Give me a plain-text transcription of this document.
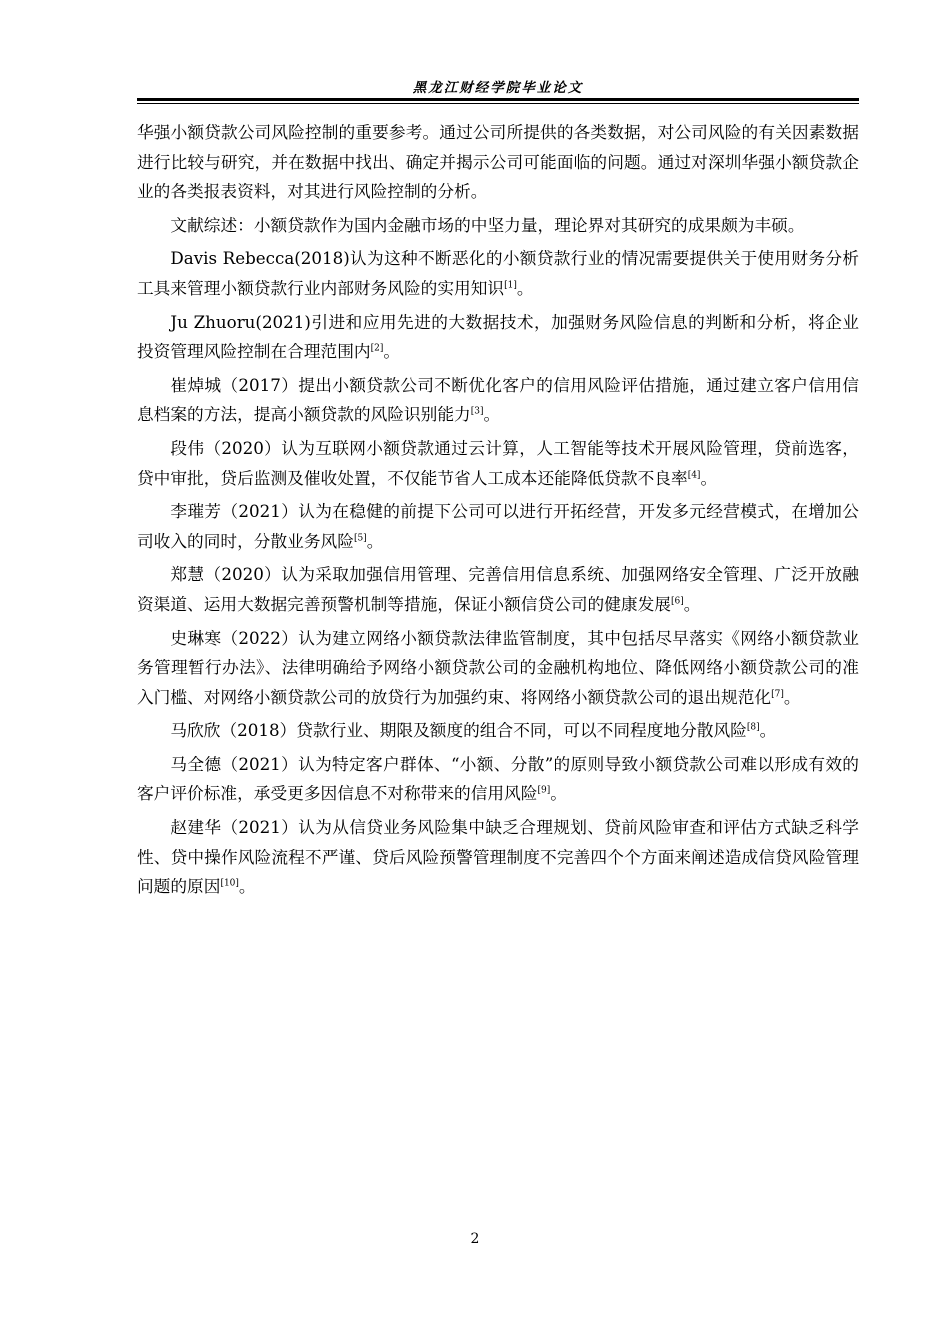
黑龙江财经学院毕业论文

华强小额贷款公司风险控制的重要参考。通过公司所提供的各类数据，对公司风险的有关因素数据进行比较与研究，并在数据中找出、确定并揭示公司可能面临的问题。通过对深圳华强小额贷款企业的各类报表资料，对其进行风险控制的分析。

文献综述：小额贷款作为国内金融市场的中坚力量，理论界对其研究的成果颇为丰硕。

Davis Rebecca(2018)认为这种不断恶化的小额贷款行业的情况需要提供关于使用财务分析工具来管理小额贷款行业内部财务风险的实用知识[1]。

Ju Zhuoru(2021)引进和应用先进的大数据技术，加强财务风险信息的判断和分析，将企业投资管理风险控制在合理范围内[2]。

崔焯城（2017）提出小额贷款公司不断优化客户的信用风险评估措施，通过建立客户信用信息档案的方法，提高小额贷款的风险识别能力[3]。

段伟（2020）认为互联网小额贷款通过云计算，人工智能等技术开展风险管理，贷前选客，贷中审批，贷后监测及催收处置，不仅能节省人工成本还能降低贷款不良率[4]。

李璀芳（2021）认为在稳健的前提下公司可以进行开拓经营，开发多元经营模式，在增加公司收入的同时，分散业务风险[5]。

郑慧（2020）认为采取加强信用管理、完善信用信息系统、加强网络安全管理、广泛开放融资渠道、运用大数据完善预警机制等措施，保证小额信贷公司的健康发展[6]。

史琳寒（2022）认为建立网络小额贷款法律监管制度，其中包括尽早落实《网络小额贷款业务管理暂行办法》、法律明确给予网络小额贷款公司的金融机构地位、降低网络小额贷款公司的准入门槛、对网络小额贷款公司的放贷行为加强约束、将网络小额贷款公司的退出规范化[7]。

马欣欣（2018）贷款行业、期限及额度的组合不同，可以不同程度地分散风险[8]。

马全德（2021）认为特定客户群体、“小额、分散”的原则导致小额贷款公司难以形成有效的客户评价标准，承受更多因信息不对称带来的信用风险[9]。

赵建华（2021）认为从信贷业务风险集中缺乏合理规划、贷前风险审查和评估方式缺乏科学性、贷中操作风险流程不严谨、贷后风险预警管理制度不完善四个个方面来阐述造成信贷风险管理问题的原因[10]。

2
